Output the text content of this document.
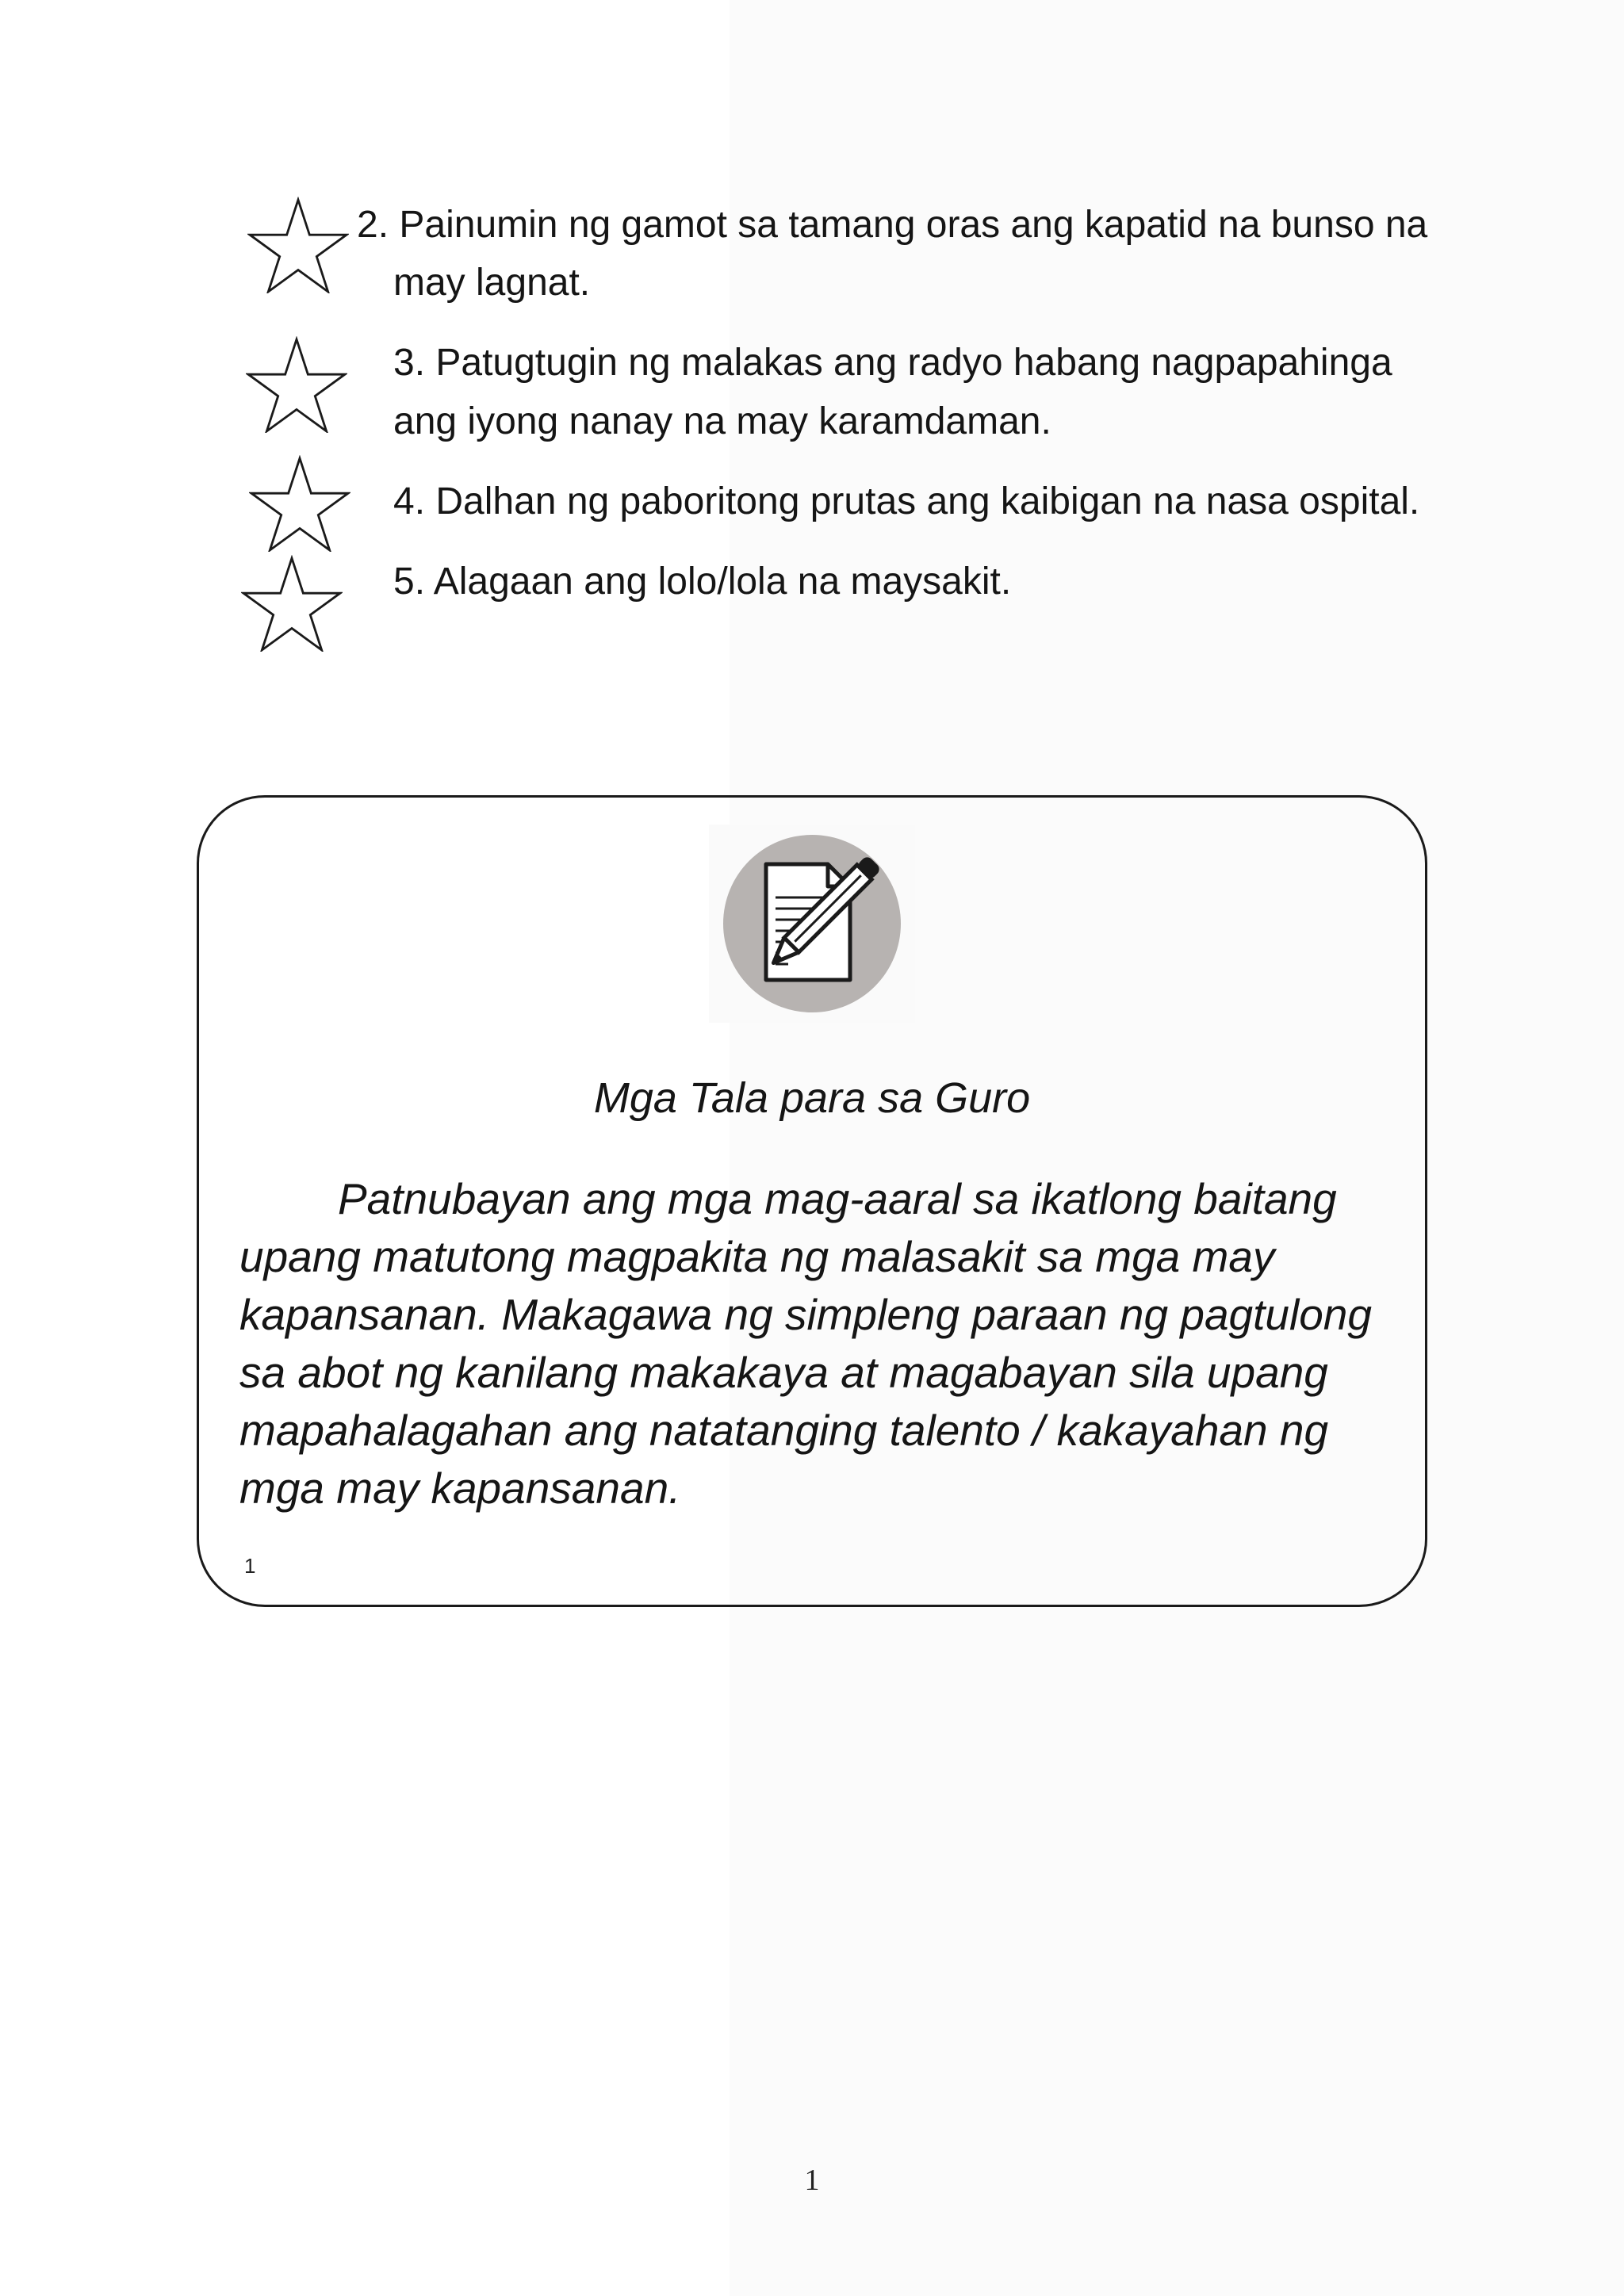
2. Painumin ng gamot sa tamang oras ang kapatid na bunso na
may lagnat.
3. Patugtugin ng malakas ang radyo habang nagpapahinga
ang iyong nanay na may karamdaman.
4. Dalhan ng paboritong prutas ang kaibigan na nasa ospital.
5. Alagaan ang lolo/lola na maysakit.
Mga Tala para sa Guro
Patnubayan ang mga mag-aaral sa ikatlong baitang
upang matutong magpakita ng malasakit sa mga may
kapansanan. Makagawa ng simpleng paraan ng pagtulong
sa abot ng kanilang makakaya at magabayan sila upang
mapahalagahan ang natatanging talento / kakayahan ng
mga may kapansanan.
1
1
